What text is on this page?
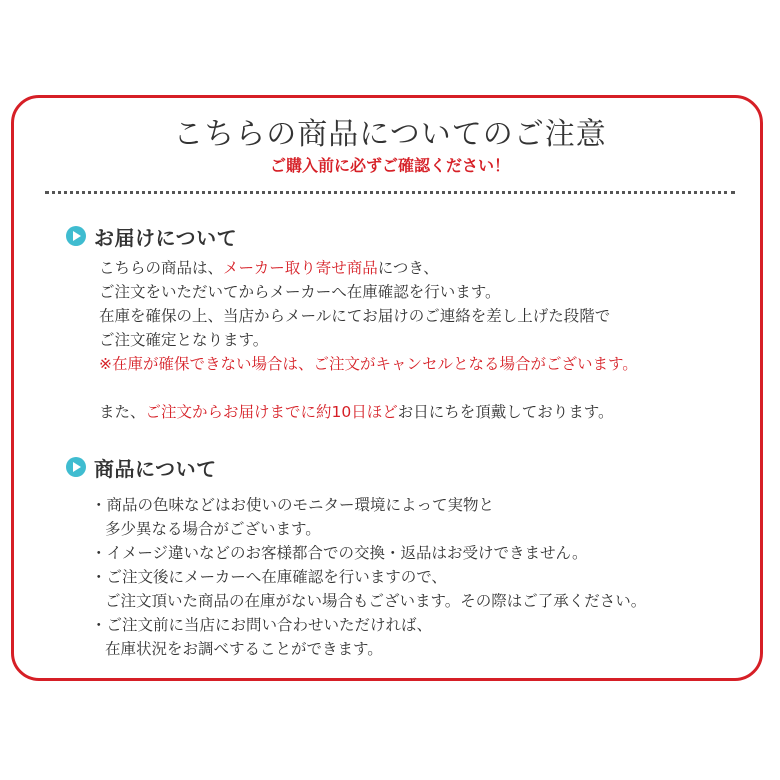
こちらの商品についてのご注意
ご購入前に必ずご確認ください！
お届けについて
こちらの商品は、メーカー取り寄せ商品につき、
ご注文をいただいてからメーカーへ在庫確認を行います。
在庫を確保の上、当店からメールにてお届けのご連絡を差し上げた段階で
ご注文確定となります。
※在庫が確保できない場合は、ご注文がキャンセルとなる場合がございます。
また、ご注文からお届けまでに約10日ほどお日にちを頂戴しております。
商品について
・商品の色味などはお使いのモニター環境によって実物と
多少異なる場合がございます。
・イメージ違いなどのお客様都合での交換・返品はお受けできません。
・ご注文後にメーカーへ在庫確認を行いますので、
ご注文頂いた商品の在庫がない場合もございます。その際はご了承ください。
・ご注文前に当店にお問い合わせいただければ、
在庫状況をお調べすることができます。
